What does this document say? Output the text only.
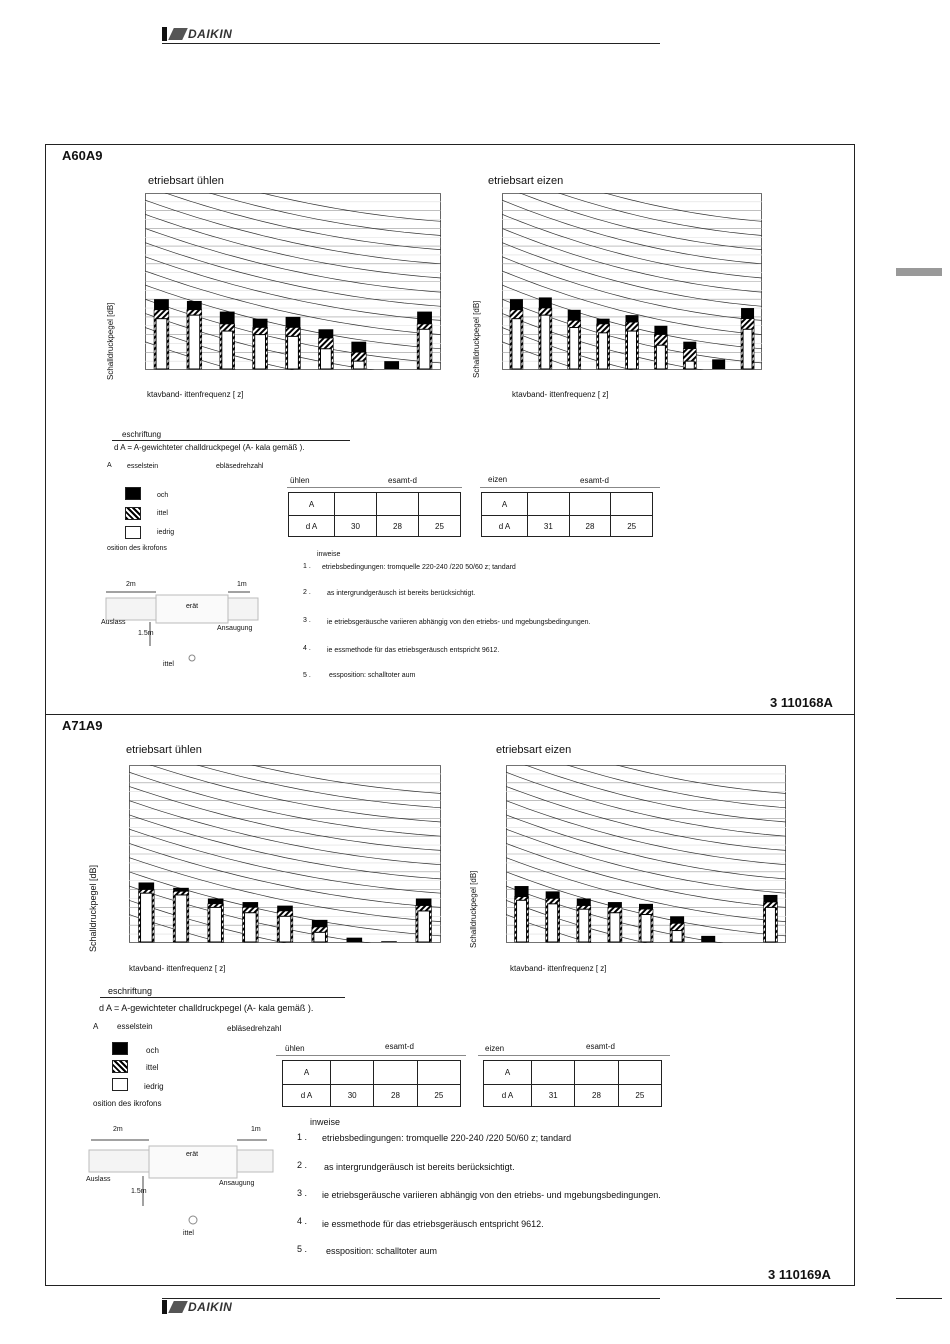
DAIKIN
A60A9
etriebsart ühlen	etriebsart eizen
Schalldruckpegel [dB]	Schalldruckpegel [dB]
ktavband- ittenfrequenz [ z]	ktavband- ittenfrequenz [ z]
eschriftung
d A = A-gewichteter challdruckpegel (A- kala gemäß ).
A esselstein	ebläsedrehzahl
och
ittel
iedrig
osition des ikrofons
2m	1m
erät
Auslass
Ansaugung
1.5m
ittel
ühlen	esamt-d
A			
d A	30	28	25
eizen	esamt-d
A			
d A	31	28	25
inweise
1 . etriebsbedingungen: tromquelle 220-240 /220 50/60 z; tandard
2 . as intergrundgeräusch ist bereits berücksichtigt.
3 . ie etriebsgeräusche variieren abhängig von den etriebs- und mgebungsbedingungen.
4 . ie essmethode für das etriebsgeräusch entspricht 9612.
5 .	essposition: schalltoter aum
3 110168A
A71A9
etriebsart ühlen	etriebsart eizen
Schalldruckpegel [dB]	Schalldruckpegel [dB]
ktavband- ittenfrequenz [ z]	ktavband- ittenfrequenz [ z]
eschriftung
d A = A-gewichteter challdruckpegel (A- kala gemäß ).
A esselstein	ebläsedrehzahl
och
ittel
iedrig
osition des ikrofons
2m	1m
erät
Auslass
Ansaugung
1.5m
ittel
ühlen	esamt-d
A			
d A	30	28	25
eizen	esamt-d
A			
d A	31	28	25
inweise
1 . etriebsbedingungen: tromquelle 220-240 /220 50/60 z; tandard
2 . as intergrundgeräusch ist bereits berücksichtigt.
3 . ie etriebsgeräusche variieren abhängig von den etriebs- und mgebungsbedingungen.
4 . ie essmethode für das etriebsgeräusch entspricht 9612.
5 . essposition: schalltoter aum
3 110169A
DAIKIN
